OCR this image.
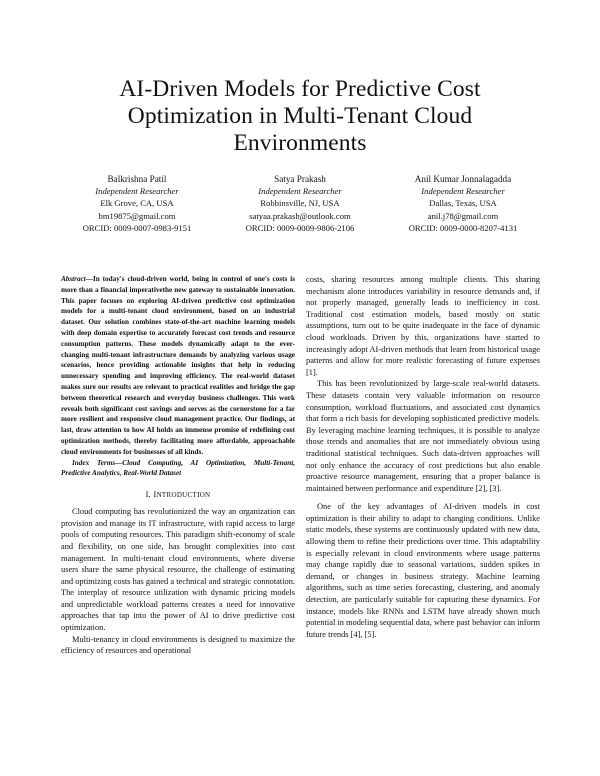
AI-Driven Models for Predictive Cost Optimization in Multi-Tenant Cloud Environments
Balkrishna Patil
Independent Researcher
Elk Grove, CA, USA
bm19875@gmail.com
ORCID: 0009-0007-0983-9151
Satya Prakash
Independent Researcher
Robbinsville, NJ, USA
satyaa.prakash@outlook.com
ORCID: 0009-0009-9806-2106
Anil Kumar Jonnalagadda
Independent Researcher
Dallas, Texas, USA
anil.j78@gmail.com
ORCID: 0009-0000-8207-4131

Abstract—In today's cloud-driven world, being in control of one's costs is more than a financial imperativethe new gateway to sustainable innovation. This paper focuses on exploring AI-driven predictive cost optimization models for a multi-tenant cloud environment, based on an industrial dataset. Our solution combines state-of-the-art machine learning models with deep domain expertise to accurately forecast cost trends and resource consumption patterns. These models dynamically adapt to the ever-changing multi-tenant infrastructure demands by analyzing various usage scenarios, hence providing actionable insights that help in reducing unnecessary spending and improving efficiency. The real-world dataset makes sure our results are relevant to practical realities and bridge the gap between theoretical research and everyday business challenges. This work reveals both significant cost savings and serves as the cornerstone for a far more resilient and responsive cloud management practice. Our findings, at last, draw attention to how AI holds an immense promise of redefining cost optimization methods, thereby facilitating more affordable, approachable cloud environments for businesses of all kinds.

Index Terms—Cloud Computing, AI Optimization, Multi-Tenant, Predictive Analytics, Real-World Dataset

I. INTRODUCTION

Cloud computing has revolutionized the way an organization can provision and manage its IT infrastructure, with rapid access to large pools of computing resources. This paradigm shift-economy of scale and flexibility, on one side, has brought complexities into cost management. In multi-tenant cloud environments, where diverse users share the same physical resource, the challenge of estimating and optimizing costs has gained a technical and strategic connotation. The interplay of resource utilization with dynamic pricing models and unpredictable workload patterns creates a need for innovative approaches that tap into the power of AI to drive predictive cost optimization.

Multi-tenancy in cloud environments is designed to maximize the efficiency of resources and operational

costs, sharing resources among multiple clients. This sharing mechanism alone introduces variability in resource demands and, if not properly managed, generally leads to inefficiency in cost. Traditional cost estimation models, based mostly on static assumptions, turn out to be quite inadequate in the face of dynamic cloud workloads. Driven by this, organizations have started to increasingly adopt AI-driven methods that learn from historical usage patterns and allow for more realistic forecasting of future expenses [1].

This has been revolutionized by large-scale real-world datasets. These datasets contain very valuable information on resource consumption, workload fluctuations, and associated cost dynamics that form a rich basis for developing sophisticated predictive models. By leveraging machine learning techniques, it is possible to analyze those trends and anomalies that are not immediately obvious using traditional statistical techniques. Such data-driven approaches will not only enhance the accuracy of cost predictions but also enable proactive resource management, ensuring that a proper balance is maintained between performance and expenditure [2], [3].

One of the key advantages of AI-driven models in cost optimization is their ability to adapt to changing conditions. Unlike static models, these systems are continuously updated with new data, allowing them to refine their predictions over time. This adaptability is especially relevant in cloud environments where usage patterns may change rapidly due to seasonal variations, sudden spikes in demand, or changes in business strategy. Machine learning algorithms, such as time series forecasting, clustering, and anomaly detection, are particularly suitable for capturing these dynamics. For instance, models like RNNs and LSTM have already shown much potential in modeling sequential data, where past behavior can inform future trends [4], [5].
